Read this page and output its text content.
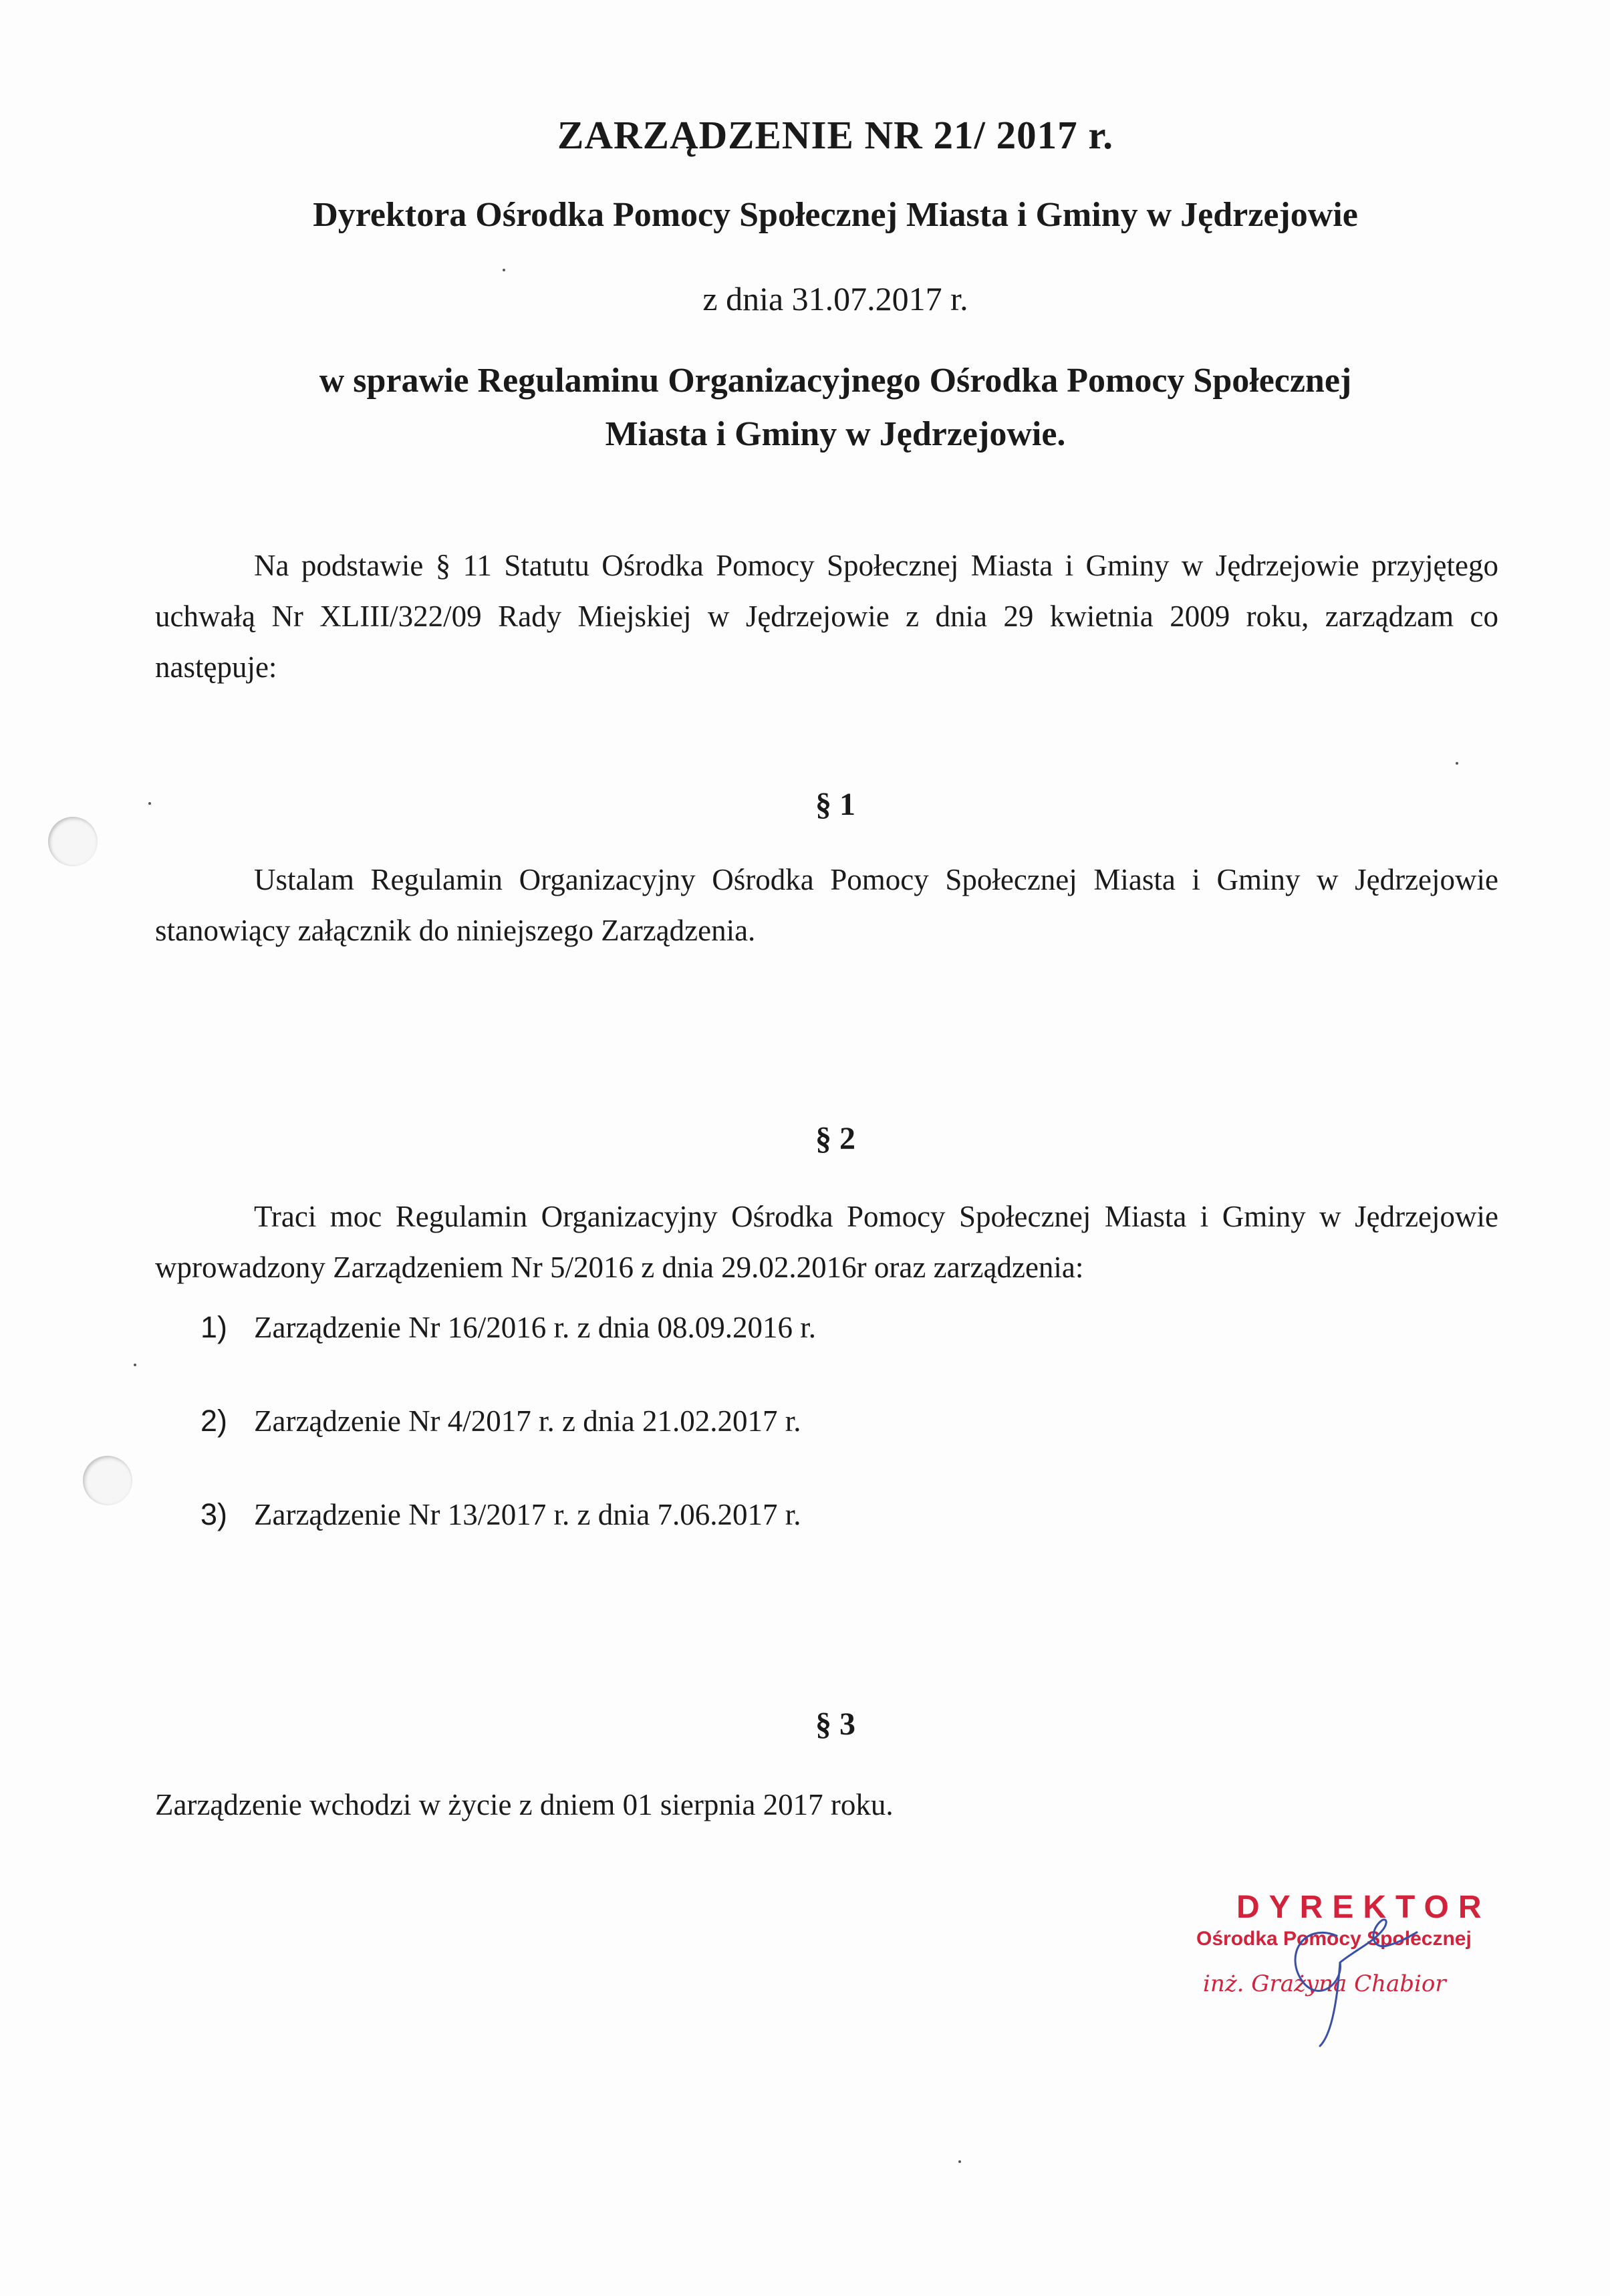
ZARZĄDZENIE NR 21/ 2017 r.
Dyrektora Ośrodka Pomocy Społecznej Miasta i Gminy w Jędrzejowie
z dnia 31.07.2017 r.
w sprawie Regulaminu Organizacyjnego Ośrodka Pomocy Społecznej
Miasta i Gminy w Jędrzejowie.
Na podstawie § 11 Statutu Ośrodka Pomocy Społecznej Miasta i Gminy w Jędrzejowie przyjętego uchwałą Nr XLIII/322/09 Rady Miejskiej w Jędrzejowie z dnia 29 kwietnia 2009 roku, zarządzam co następuje:
§ 1
Ustalam Regulamin Organizacyjny Ośrodka Pomocy Społecznej Miasta i Gminy w Jędrzejowie stanowiący załącznik do niniejszego Zarządzenia.
§ 2
Traci moc Regulamin Organizacyjny Ośrodka Pomocy Społecznej Miasta i Gminy w Jędrzejowie wprowadzony Zarządzeniem Nr 5/2016 z dnia 29.02.2016r oraz zarządzenia:
1) Zarządzenie Nr 16/2016 r. z dnia 08.09.2016 r.
2) Zarządzenie Nr 4/2017 r. z dnia 21.02.2017 r.
3) Zarządzenie Nr 13/2017 r. z dnia 7.06.2017 r.
§ 3
Zarządzenie wchodzi w życie z dniem 01 sierpnia 2017 roku.
DYREKTOR
Ośrodka Pomocy Społecznej
inż. Grażyna Chabior
